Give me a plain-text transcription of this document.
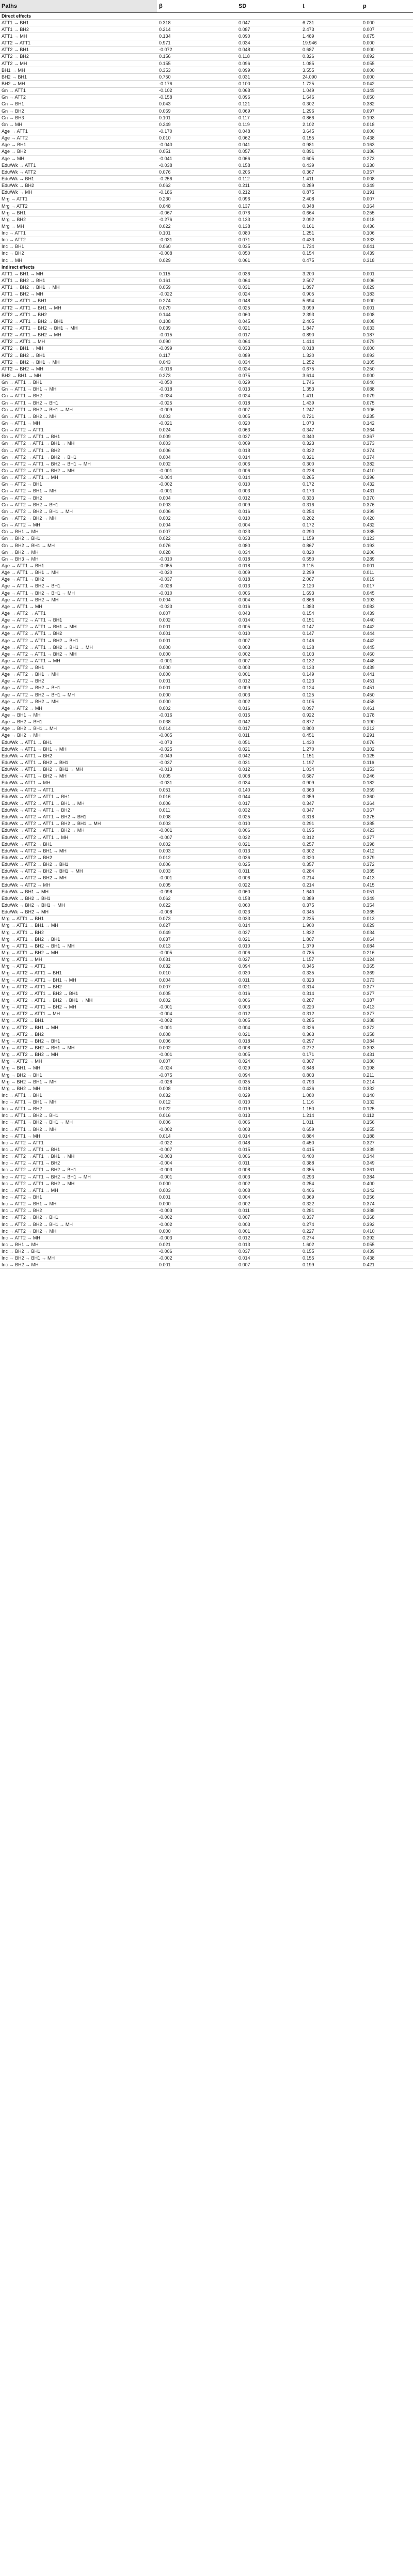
Paths	β	SD	t	p
Direct effects				
ATT1 → BH1	0.318	0.047	6.731	0.000
ATT1 → BH2	0.214	0.087	2.473	0.007
ATT1 → MH	0.134	0.090	1.489	0.075
ATT2 → ATT1	0.971	0.034	19.946	0.000
ATT2 → BH1	-0.072	0.048	0.687	0.000
ATT2 → BH2	0.156	0.118	0.326	0.092
ATT2 → MH	0.155	0.096	1.085	0.055
BH1 → MH	0.353	0.099	3.555	0.000
BH2 → BH1	0.750	0.031	24.090	0.000
BH2 → MH	-0.176	0.100	1.725	0.042
Gn → ATT1	-0.102	0.068	1.049	0.149
Gn → ATT2	-0.158	0.096	1.646	0.050
Gn → BH1	0.043	0.121	0.302	0.382
Gn → BH2	0.069	0.069	1.296	0.097
Gn → BH3	0.101	0.117	0.866	0.193
Gn → MH	0.249	0.119	2.102	0.018
Age → ATT1	-0.170	0.048	3.645	0.000
Age → ATT2	0.010	0.062	0.155	0.438
Age → BH1	-0.040	0.041	0.981	0.163
Age → BH2	0.051	0.057	0.891	0.186
Age → MH	-0.041	0.066	0.605	0.273
Edu/Wk → ATT1	-0.038	0.158	0.439	0.330
Edu/Wk → ATT2	0.076	0.206	0.367	0.357
Edu/Wk → BH1	-0.256	0.112	1.411	0.008
Edu/Wk → BH2	0.062	0.211	0.289	0.349
Edu/Wk → MH	-0.186	0.212	0.875	0.191
Mrg → ATT1	0.230	0.096	2.408	0.007
Mrg → ATT2	0.048	0.137	0.348	0.364
Mrg → BH1	-0.067	0.076	0.664	0.255
Mrg → BH2	-0.276	0.133	2.092	0.018
Mrg → MH	0.022	0.138	0.161	0.436
Inc → ATT1	0.101	0.080	1.251	0.106
Inc → ATT2	-0.031	0.071	0.433	0.333
Inc → BH1	0.060	0.035	1.734	0.041
Inc → BH2	-0.008	0.050	0.154	0.439
Inc → MH	0.029	0.061	0.475	0.318
Indirect effects				
ATT1 → BH1 → MH	0.115	0.036	3.200	0.001
ATT1 → BH2 → BH1	0.161	0.064	2.507	0.006
ATT1 → BH2 → BH1 → MH	0.059	0.031	1.897	0.029
ATT1 → BH2 → MH	-0.022	0.024	0.905	0.183
ATT2 → ATT1 → BH1	0.274	0.048	5.694	0.000
ATT2 → ATT1 → BH1 → MH	0.079	0.025	3.099	0.001
ATT2 → ATT1 → BH2	0.144	0.060	2.393	0.008
ATT2 → ATT1 → BH2 → BH1	0.108	0.045	2.405	0.008
ATT2 → ATT1 → BH2 → BH1 → MH	0.039	0.021	1.847	0.033
ATT2 → ATT1 → BH2 → MH	-0.015	0.017	0.890	0.187
ATT2 → ATT1 → MH	0.090	0.064	1.414	0.079
ATT2 → BH1 → MH	-0.099	0.033	0.018	0.000
ATT2 → BH2 → BH1	0.117	0.089	1.320	0.093
ATT2 → BH2 → BH1 → MH	0.043	0.034	1.252	0.105
ATT2 → BH2 → MH	-0.016	0.024	0.675	0.250
BH2 → BH1 → MH	0.273	0.075	3.614	0.000
Gn → ATT1 → BH1	-0.050	0.029	1.746	0.040
Gn → ATT1 → BH1 → MH	-0.018	0.013	1.353	0.088
Gn → ATT1 → BH2	-0.034	0.024	1.411	0.079
Gn → ATT1 → BH2 → BH1	-0.025	0.018	1.439	0.075
Gn → ATT1 → BH2 → BH1 → MH	-0.009	0.007	1.247	0.106
Gn → ATT1 → BH2 → MH	0.003	0.005	0.721	0.235
Gn → ATT1 → MH	-0.021	0.020	1.073	0.142
Gn → ATT2 → ATT1	0.024	0.063	0.347	0.364
Gn → ATT2 → ATT1 → BH1	0.009	0.027	0.340	0.367
Gn → ATT2 → ATT1 → BH1 → MH	0.003	0.009	0.323	0.373
Gn → ATT2 → ATT1 → BH2	0.006	0.018	0.322	0.374
Gn → ATT2 → ATT1 → BH2 → BH1	0.004	0.014	0.321	0.374
Gn → ATT2 → ATT1 → BH2 → BH1 → MH	0.002	0.006	0.300	0.382
Gn → ATT2 → ATT1 → BH2 → MH	-0.001	0.006	0.228	0.410
Gn → ATT2 → ATT1 → MH	-0.004	0.014	0.265	0.396
Gn → ATT2 → BH1	-0.002	0.010	0.172	0.432
Gn → ATT2 → BH1 → MH	-0.001	0.003	0.173	0.431
Gn → ATT2 → BH2	0.004	0.012	0.333	0.370
Gn → ATT2 → BH2 → BH1	0.003	0.009	0.316	0.376
Gn → ATT2 → BH2 → BH1 → MH	0.006	0.016	0.254	0.399
Gn → ATT2 → BH2 → MH	0.002	0.010	0.202	0.420
Gn → ATT2 → MH	0.004	0.004	0.172	0.432
Gn → BH1 → MH	0.007	0.023	0.290	0.385
Gn → BH2 → BH1	0.022	0.033	1.159	0.123
Gn → BH2 → BH1 → MH	0.076	0.080	0.867	0.193
Gn → BH2 → MH	0.028	0.034	0.820	0.206
Gn → BH3 → MH	-0.010	0.018	0.550	0.289
Age → ATT1 → BH1	-0.055	0.018	3.115	0.001
Age → ATT1 → BH1 → MH	-0.020	0.009	2.299	0.011
Age → ATT1 → BH2	-0.037	0.018	2.067	0.019
Age → ATT1 → BH2 → BH1	-0.028	0.013	2.120	0.017
Age → ATT1 → BH2 → BH1 → MH	-0.010	0.006	1.693	0.045
Age → ATT1 → BH2 → MH	0.004	0.004	0.866	0.193
Age → ATT1 → MH	-0.023	0.016	1.383	0.083
Age → ATT2 → ATT1	0.007	0.043	0.154	0.439
Age → ATT2 → ATT1 → BH1	0.002	0.014	0.151	0.440
Age → ATT2 → ATT1 → BH1 → MH	0.001	0.005	0.147	0.442
Age → ATT2 → ATT1 → BH2	0.001	0.010	0.147	0.444
Age → ATT2 → ATT1 → BH2 → BH1	0.001	0.007	0.146	0.442
Age → ATT2 → ATT1 → BH2 → BH1 → MH	0.000	0.003	0.138	0.445
Age → ATT2 → ATT1 → BH2 → MH	0.000	0.002	0.103	0.460
Age → ATT2 → ATT1 → MH	-0.001	0.007	0.132	0.448
Age → ATT2 → BH1	0.000	0.003	0.133	0.439
Age → ATT2 → BH1 → MH	0.000	0.001	0.149	0.441
Age → ATT2 → BH2	0.001	0.012	0.123	0.451
Age → ATT2 → BH2 → BH1	0.001	0.009	0.124	0.451
Age → ATT2 → BH2 → BH1 → MH	0.000	0.003	0.125	0.450
Age → ATT2 → BH2 → MH	0.000	0.002	0.105	0.458
Age → ATT2 → MH	0.002	0.016	0.097	0.461
Age → BH1 → MH	-0.016	0.015	0.922	0.178
Age → BH2 → BH1	0.038	0.042	0.877	0.190
Age → BH2 → BH1 → MH	0.014	0.017	0.800	0.212
Age → BH2 → MH	-0.005	0.011	0.451	0.291
Edu/Wk → ATT1 → BH1	-0.073	0.051	1.430	0.076
Edu/Wk → ATT1 → BH1 → MH	-0.025	0.021	1.270	0.102
Edu/Wk → ATT1 → BH2	-0.049	0.042	1.151	0.125
Edu/Wk → ATT1 → BH2 → BH1	-0.037	0.031	1.197	0.116
Edu/Wk → ATT1 → BH2 → BH1 → MH	-0.013	0.012	1.034	0.153
Edu/Wk → ATT1 → BH2 → MH	0.005	0.008	0.687	0.246
Edu/Wk → ATT1 → MH	-0.031	0.034	0.909	0.182
Edu/Wk → ATT2 → ATT1	0.051	0.140	0.363	0.359
Edu/Wk → ATT2 → ATT1 → BH1	0.016	0.044	0.359	0.360
Edu/Wk → ATT2 → ATT1 → BH1 → MH	0.006	0.017	0.347	0.364
Edu/Wk → ATT2 → ATT1 → BH2	0.011	0.032	0.347	0.367
Edu/Wk → ATT2 → ATT1 → BH2 → BH1	0.008	0.025	0.318	0.375
Edu/Wk → ATT2 → ATT1 → BH2 → BH1 → MH	0.003	0.010	0.291	0.385
Edu/Wk → ATT2 → ATT1 → BH2 → MH	-0.001	0.006	0.195	0.423
Edu/Wk → ATT2 → ATT1 → MH	-0.007	0.022	0.312	0.377
Edu/Wk → ATT2 → BH1	0.002	0.021	0.257	0.398
Edu/Wk → ATT2 → BH1 → MH	0.003	0.013	0.302	0.412
Edu/Wk → ATT2 → BH2	0.012	0.036	0.320	0.379
Edu/Wk → ATT2 → BH2 → BH1	0.006	0.025	0.357	0.372
Edu/Wk → ATT2 → BH2 → BH1 → MH	0.003	0.011	0.284	0.385
Edu/Wk → ATT2 → BH2 → MH	-0.001	0.006	0.214	0.413
Edu/Wk → ATT2 → MH	0.005	0.022	0.214	0.415
Edu/Wk → BH1 → MH	-0.098	0.060	1.640	0.051
Edu/Wk → BH2 → BH1	0.062	0.158	0.389	0.349
Edu/Wk → BH2 → BH1 → MH	0.022	0.060	0.375	0.354
Edu/Wk → BH2 → MH	-0.008	0.023	0.345	0.365
Mrg → ATT1 → BH1	0.073	0.033	2.235	0.013
Mrg → ATT1 → BH1 → MH	0.027	0.014	1.900	0.029
Mrg → ATT1 → BH2	0.049	0.027	1.832	0.034
Mrg → ATT1 → BH2 → BH1	0.037	0.021	1.807	0.064
Mrg → ATT1 → BH2 → BH1 → MH	0.013	0.010	1.379	0.084
Mrg → ATT1 → BH2 → MH	-0.005	0.006	0.785	0.216
Mrg → ATT1 → MH	0.031	0.027	1.157	0.124
Mrg → ATT2 → ATT1	0.032	0.094	0.345	0.365
Mrg → ATT2 → ATT1 → BH1	0.010	0.030	0.335	0.369
Mrg → ATT2 → ATT1 → BH1 → MH	0.004	0.011	0.323	0.373
Mrg → ATT2 → ATT1 → BH2	0.007	0.021	0.314	0.377
Mrg → ATT2 → ATT1 → BH2 → BH1	0.005	0.016	0.314	0.377
Mrg → ATT2 → ATT1 → BH2 → BH1 → MH	0.002	0.006	0.287	0.387
Mrg → ATT2 → ATT1 → BH2 → MH	-0.001	0.003	0.220	0.413
Mrg → ATT2 → ATT1 → MH	-0.004	0.012	0.312	0.377
Mrg → ATT2 → BH1	-0.002	0.005	0.285	0.388
Mrg → ATT2 → BH1 → MH	-0.001	0.004	0.326	0.372
Mrg → ATT2 → BH2	0.008	0.021	0.363	0.358
Mrg → ATT2 → BH2 → BH1	0.006	0.018	0.297	0.384
Mrg → ATT2 → BH2 → BH1 → MH	0.002	0.008	0.272	0.393
Mrg → ATT2 → BH2 → MH	-0.001	0.005	0.171	0.431
Mrg → ATT2 → MH	0.007	0.024	0.307	0.380
Mrg → BH1 → MH	-0.024	0.029	0.848	0.198
Mrg → BH2 → BH1	-0.075	0.094	0.803	0.211
Mrg → BH2 → BH1 → MH	-0.028	0.035	0.793	0.214
Mrg → BH2 → MH	0.008	0.018	0.436	0.332
Inc → ATT1 → BH1	0.032	0.029	1.080	0.140
Inc → ATT1 → BH1 → MH	0.012	0.010	1.116	0.132
Inc → ATT1 → BH2	0.022	0.019	1.150	0.125
Inc → ATT1 → BH2 → BH1	0.016	0.013	1.214	0.112
Inc → ATT1 → BH2 → BH1 → MH	0.006	0.006	1.011	0.156
Inc → ATT1 → BH2 → MH	-0.002	0.003	0.659	0.255
Inc → ATT1 → MH	0.014	0.014	0.884	0.188
Inc → ATT2 → ATT1	-0.022	0.048	0.450	0.327
Inc → ATT2 → ATT1 → BH1	-0.007	0.015	0.415	0.339
Inc → ATT2 → ATT1 → BH1 → MH	-0.003	0.006	0.400	0.344
Inc → ATT2 → ATT1 → BH2	-0.004	0.011	0.388	0.349
Inc → ATT2 → ATT1 → BH2 → BH1	-0.003	0.008	0.355	0.361
Inc → ATT2 → ATT1 → BH2 → BH1 → MH	-0.001	0.003	0.293	0.384
Inc → ATT2 → ATT1 → BH2 → MH	0.000	0.002	0.254	0.400
Inc → ATT2 → ATT1 → MH	0.003	0.008	0.406	0.342
Inc → ATT2 → BH1	0.001	0.004	0.369	0.356
Inc → ATT2 → BH1 → MH	0.000	0.002	0.322	0.374
Inc → ATT2 → BH2	-0.003	0.011	0.281	0.388
Inc → ATT2 → BH2 → BH1	-0.002	0.007	0.337	0.368
Inc → ATT2 → BH2 → BH1 → MH	-0.002	0.003	0.274	0.392
Inc → ATT2 → BH2 → MH	0.000	0.001	0.227	0.410
Inc → ATT2 → MH	-0.003	0.012	0.274	0.392
Inc → BH1 → MH	0.021	0.013	1.602	0.055
Inc → BH2 → BH1	-0.006	0.037	0.155	0.439
Inc → BH2 → BH1 → MH	-0.002	0.014	0.155	0.438
Inc → BH2 → MH	0.001	0.007	0.199	0.421
